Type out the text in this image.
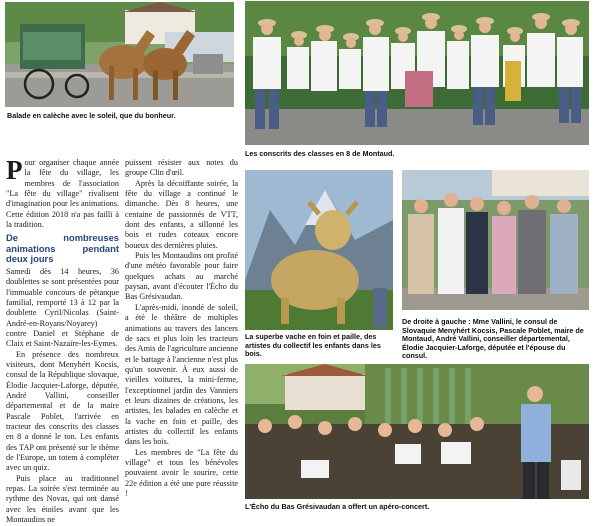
Balade en calèche avec le soleil, que du bonheur.
Les conscrits des classes en 8 de Montaud.
La superbe vache en foin et paille, des artistes du collectif les enfants dans les bois.
De droite à gauche : Mme Vallini, le consul de Slovaquie Menyhért Kocsis, Pascale Poblet, maire de Montaud, André Vallini, conseiller départemental, Élodie Jacquier-Laforge, députée et l'épouse du consul.
L'Écho du Bas Grésivaudan a offert un apéro-concert.

Pour organiser chaque année la fête du village, les membres de l'association "La fête du village" rivalisent d'imagination pour les animations. Cette édition 2018 n'a pas failli à la tradition.

De nombreuses animations pendant deux jours

Samedi dès 14 heures, 36 doublettes se sont présentées pour l'immuable concours de pétanque familial, remporté 13 à 12 par la doublette Cyril/Nicolas (Saint-André-en-Royans/Noyarey) contre Daniel et Stéphane de Claix et Saint-Nazaire-les-Eymes.

En présence des nombreux visiteurs, dont Menyhért Kocsis, consul de la République slovaque, Élodie Jacquier-Laforge, députée, André Vallini, conseiller départemental et de la maire Pascale Poblet, l'arrivée en tracteur des conscrits des classes en 8 a donné le ton. Les enfants des TAP ont présenté sur le thème de l'Europe, un totem à compléter avec un quiz.

Puis place au traditionnel repas. La soirée s'est terminée au rythme des Novas, qui ont dansé avec les étoiles avant que les Montaudins ne

puissent résister aux notes du groupe Clin d'œil.

Après la décoiffante soirée, la fête du village a continué le dimanche. Dès 8 heures, une centaine de passionnés de VTT, dont des enfants, a sillonné les bois et rudes coteaux encore boueux des dernières pluies.

Puis les Montaudins ont profité d'une météo favorable pour faire quelques achats au marché paysan, avant d'écouter l'Écho du Bas Grésivaudan.

L'après-midi, inondé de soleil, a été le théâtre de multiples animations au travers des lancers de sacs et plus loin les tracteurs des Amis de l'agriculture ancienne et le battage à l'ancienne n'est plus qu'un souvenir. À eux aussi de vieilles voitures, la mini-ferme, l'exceptionnel jardin des Vanniers et leurs dizaines de créations, les artistes, les balades en calèche et la vache en foin et paille, des artistes du collectif les enfants dans les bois.

Les membres de "La fête du village" et tous les bénévoles pouvaient avoir le sourire, cette 22e édition a été une pure réussite !
